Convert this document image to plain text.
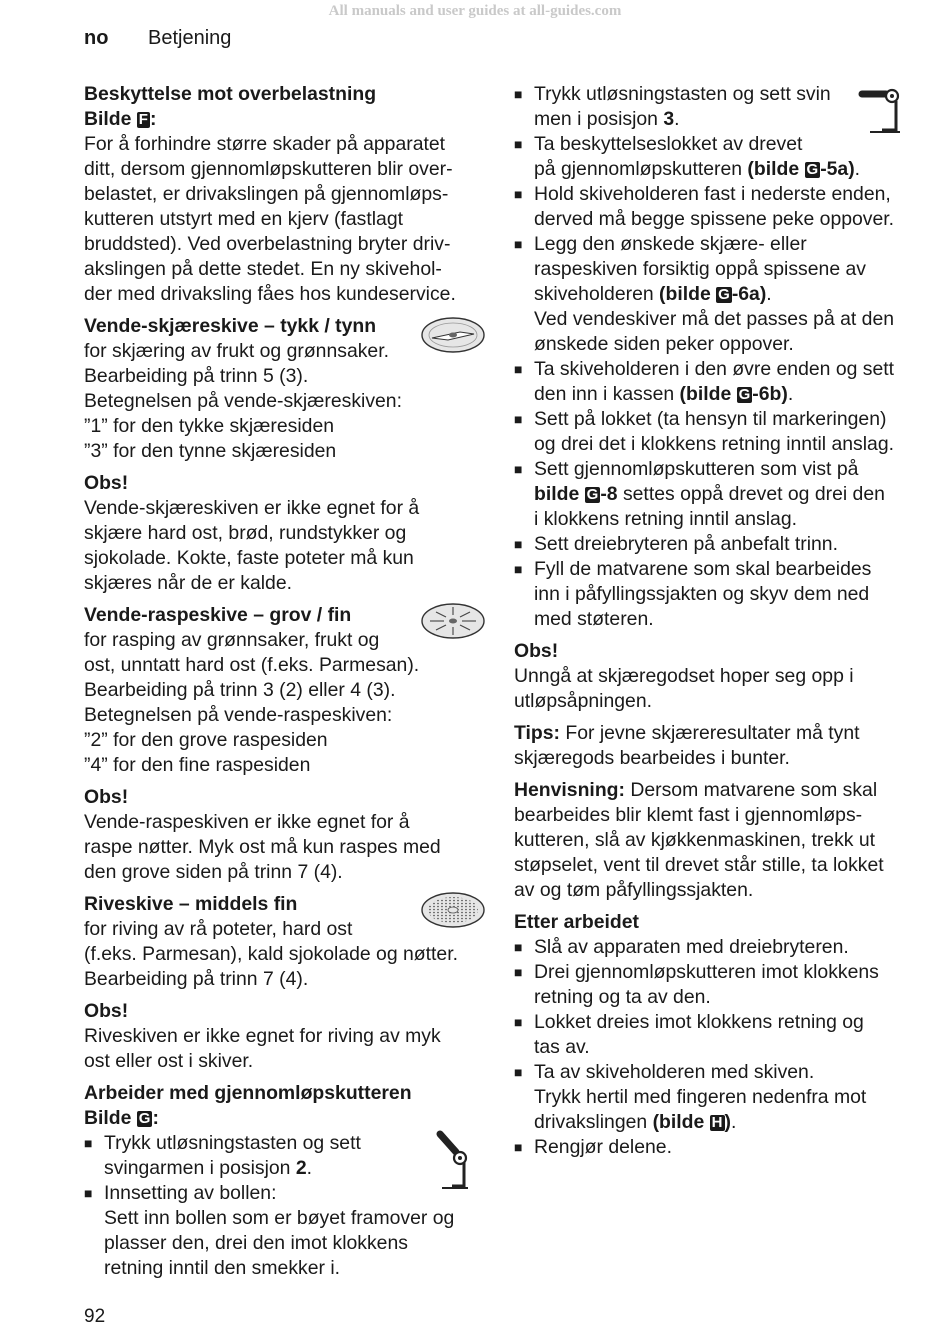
All manuals and user guides at all-guides.com
no Betjening

Beskyttelse mot overbelastning

Bilde F :

For å forhindre større skader på apparatet

ditt, dersom gjennomløpskutteren blir over-

belastet, er drivakslingen på gjennomløps-

kutteren utstyrt med en kjerv (fastlagt

bruddsted). Ved overbelastning bryter driv-

akslingen på dette stedet. En ny skivehol-

der med drivaksling fåes hos kundeservice.

Vende-skjæreskive – tykk / tynn

for skjæring av frukt og grønnsaker.

Bearbeiding på trinn 5 (3).

Betegnelsen på vende-skjæreskiven:

”1” for den tykke skjæresiden

”3” for den tynne skjæresiden

Obs!

Vende-skjæreskiven er ikke egnet for å

skjære hard ost, brød, rundstykker og

sjokolade. Kokte, faste poteter må kun

skjæres når de er kalde.

Vende-raspeskive – grov / fin

for rasping av grønnsaker, frukt og

ost, unntatt hard ost (f.eks. Parmesan).

Bearbeiding på trinn 3 (2) eller 4 (3).

Betegnelsen på vende-raspeskiven:

”2” for den grove raspesiden

”4” for den fine raspesiden

Obs!

Vende-raspeskiven er ikke egnet for å

raspe nøtter. Myk ost må kun raspes med

den grove siden på trinn 7 (4).

Riveskive – middels fin

for riving av rå poteter, hard ost

(f.eks. Parmesan), kald sjokolade og nøtter.

Bearbeiding på trinn 7 (4).

Obs!

Riveskiven er ikke egnet for riving av myk

ost eller ost i skiver.

Arbeider med gjennomløpskutteren

Bilde G :

■ Trykk utløsningstasten og sett
svingarmen i posisjon 2.

■ Innsetting av bollen:
Sett inn bollen som er bøyet framover og
plasser den, drei den imot klokkens
retning inntil den smekker i.

■ Trykk utløsningstasten og sett svin
men i posisjon 3.

■ Ta beskyttelseslokket av drevet
på gjennomløpskutteren (bilde G -5a).

■ Hold skiveholderen fast i nederste enden,
derved må begge spissene peke oppover.

■ Legg den ønskede skjære- eller
raspeskiven forsiktig oppå spissene av
skiveholderen (bilde G -6a).
Ved vendeskiver må det passes på at den
ønskede siden peker oppover.

■ Ta skiveholderen i den øvre enden og sett
den inn i kassen (bilde G -6b).

■ Sett på lokket (ta hensyn til markeringen)
og drei det i klokkens retning inntil anslag.

■ Sett gjennomløpskutteren som vist på
bilde G -8 settes oppå drevet og drei den
i klokkens retning inntil anslag.

■ Sett dreiebryteren på anbefalt trinn.

■ Fyll de matvarene som skal bearbeides
inn i påfyllingssjakten og skyv dem ned
med støteren.

Obs!

Unngå at skjæregodset hoper seg opp i

utløpsåpningen.

Tips: For jevne skjæreresultater må tynt
skjæregods bearbeides i bunter.

Henvisning: Dersom matvarene som skal
bearbeides blir klemt fast i gjennomløps-
kutteren, slå av kjøkkenmaskinen, trekk ut
støpselet, vent til drevet står stille, ta lokket
av og tøm påfyllingssjakten.

Etter arbeidet

■ Slå av apparaten med dreiebryteren.

■ Drei gjennomløpskutteren imot klokkens
retning og ta av den.

■ Lokket dreies imot klokkens retning og
tas av.

■ Ta av skiveholderen med skiven.
Trykk hertil med fingeren nedenfra mot
drivakslingen (bilde H ).

■ Rengjør delene.

92
